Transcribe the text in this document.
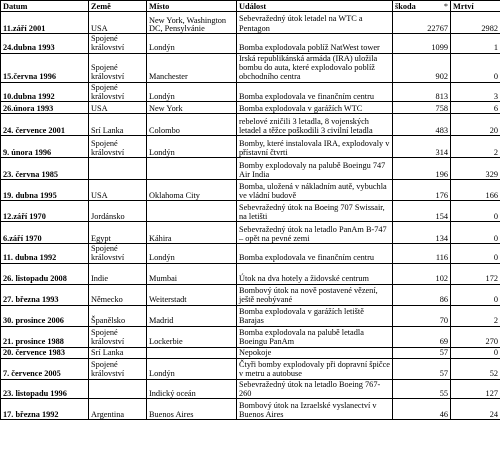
Datum	Země	Místo	Událost	škoda *	Mrtví
11.září 2001	USA	New York, Washington DC, Pensylvánie	Sebevražedný útok letadel na WTC a Pentagon	22767	2982
24.dubna 1993	Spojené království	Londýn	Bomba explodovala poblíž NatWest tower	1099	1
15.června 1996	Spojené království	Manchester	Irská republikánská armáda (IRA) uložila bombu do auta, které explodovalo poblíž obchodního centra	902	0
10.dubna 1992	Spojené království	Londýn	Bomba explodovala ve finančním centru	813	3
26.února 1993	USA	New York	Bomba explodovala v garážích WTC	758	6
24. července 2001	Srí Lanka	Colombo	rebelové zničili 3 letadla, 8 vojenských letadel a těžce poškodili 3 civilní letadla	483	20
9. února 1996	Spojené království	Londýn	Bomby, které instalovala IRA, explodovaly v přístavní čtvrti	314	2
23. června 1985			Bomby explodovaly na palubě Boeingu 747 Air India	196	329
19. dubna 1995	USA	Oklahoma City	Bomba, uložená v nákladním autě, vybuchla ve vládní budově	176	166
12.září 1970	Jordánsko		Sebevražedný útok na Boeing 707 Swissair, na letišti	154	0
6.září 1970	Egypt	Káhira	Sebevražedný útok na letadlo PanAm B-747 – opět na pevné zemi	134	0
11. dubna 1992	Spojené království	Londýn	Bomba explodovala ve finančním centru	116	0
26. listopadu 2008	Indie	Mumbai	Útok na dva hotely a židovské centrum	102	172
27. března 1993	Německo	Weiterstadt	Bombový útok na nově postavené vězení, ještě neobývané	86	0
30. prosince 2006	Španělsko	Madrid	Bomba explodovala v garážích letiště Barajas	70	2
21. prosince 1988	Spojené království	Lockerbie	Bomba explodovala na palubě letadla Boeingu PanAm	69	270
20. července 1983	Srí Lanka		Nepokoje	57	0
7. července 2005	Spojené království	Londýn	Čtyři bomby explodovaly při dopravní špičce v metru a autobuse	57	52
23. listopadu 1996		Indický oceán	Sebevražedný útok na letadlo Boeing 767-260	55	127
17. března 1992	Argentina	Buenos Aires	Bombový útok na Izraelské vyslanectví v Buenos Aires	46	24
